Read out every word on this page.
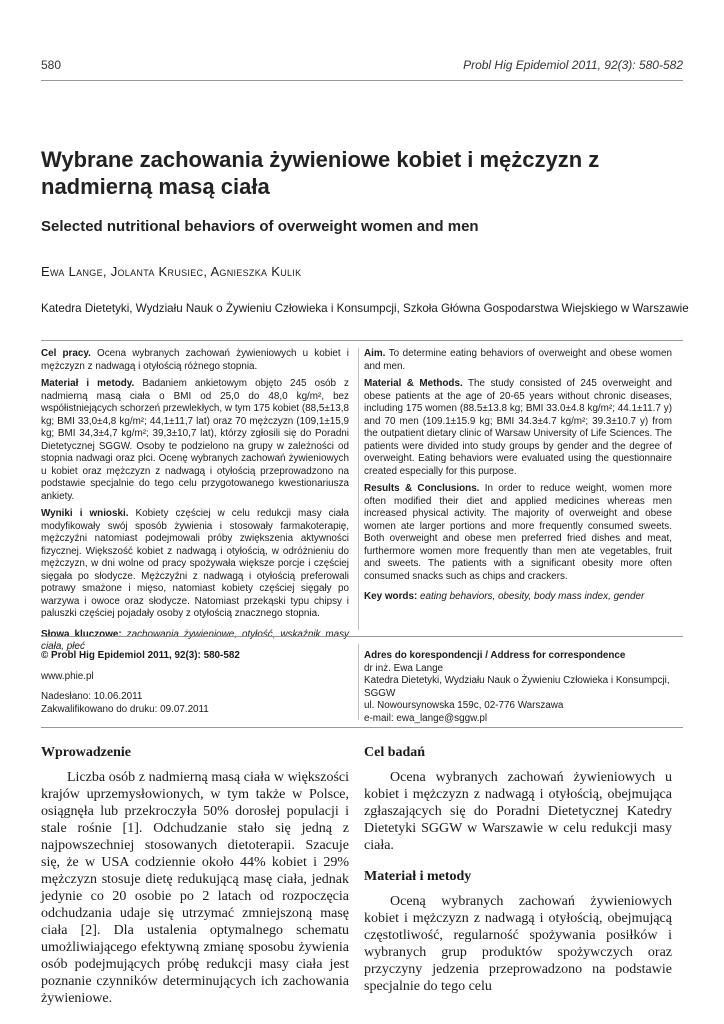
580	Probl Hig Epidemiol 2011, 92(3): 580-582
Wybrane zachowania żywieniowe kobiet i mężczyzn z nadmierną masą ciała
Selected nutritional behaviors of overweight women and men
Ewa Lange, Jolanta Krusiec, Agnieszka Kulik
Katedra Dietetyki, Wydziału Nauk o Żywieniu Człowieka i Konsumpcji, Szkoła Główna Gospodarstwa Wiejskiego w Warszawie

Cel pracy. Ocena wybranych zachowań żywieniowych u kobiet i mężczyzn z nadwagą i otyłością różnego stopnia.

Materiał i metody. Badaniem ankietowym objęto 245 osób z nadmierną masą ciała o BMI od 25,0 do 48,0 kg/m², bez współistniejących schorzeń przewlekłych, w tym 175 kobiet (88,5±13,8 kg; BMI 33,0±4,8 kg/m²; 44,1±11,7 lat) oraz 70 mężczyzn (109,1±15,9 kg; BMI 34,3±4,7 kg/m²; 39,3±10,7 lat), którzy zgłosili się do Poradni Dietetycznej SGGW. Osoby te podzielono na grupy w zależności od stopnia nadwagi oraz płci. Ocenę wybranych zachowań żywieniowych u kobiet oraz mężczyzn z nadwagą i otyłością przeprowadzono na podstawie specjalnie do tego celu przygotowanego kwestionariusza ankiety.

Wyniki i wnioski. Kobiety częściej w celu redukcji masy ciała modyfikowały swój sposób żywienia i stosowały farmakoterapię, mężczyźni natomiast podejmowali próby zwiększenia aktywności fizycznej. Większość kobiet z nadwagą i otyłością, w odróżnieniu do mężczyzn, w dni wolne od pracy spożywała większe porcje i częściej sięgała po słodycze. Mężczyźni z nadwagą i otyłością preferowali potrawy smażone i mięso, natomiast kobiety częściej sięgały po warzywa i owoce oraz słodycze. Natomiast przekąski typu chipsy i paluszki częściej pojadały osoby z otyłością znacznego stopnia.

Słowa kluczowe: zachowania żywieniowe, otyłość, wskaźnik masy ciała, płeć

Aim. To determine eating behaviors of overweight and obese women and men.

Material & Methods. The study consisted of 245 overweight and obese patients at the age of 20-65 years without chronic diseases, including 175 women (88.5±13.8 kg; BMI 33.0±4.8 kg/m²; 44.1±11.7 y) and 70 men (109.1±15.9 kg; BMI 34.3±4.7 kg/m²; 39.3±10.7 y) from the outpatient dietary clinic of Warsaw University of Life Sciences. The patients were divided into study groups by gender and the degree of overweight. Eating behaviors were evaluated using the questionnaire created especially for this purpose.

Results & Conclusions. In order to reduce weight, women more often modified their diet and applied medicines whereas men increased physical activity. The majority of overweight and obese women ate larger portions and more frequently consumed sweets. Both overweight and obese men preferred fried dishes and meat, furthermore women more frequently than men ate vegetables, fruit and sweets. The patients with a significant obesity more often consumed snacks such as chips and crackers.

Key words: eating behaviors, obesity, body mass index, gender

© Probl Hig Epidemiol 2011, 92(3): 580-582

www.phie.pl

Nadesłano: 10.06.2011

Zakwalifikowano do druku: 09.07.2011

Adres do korespondencji / Address for correspondence

dr inż. Ewa Lange

Katedra Dietetyki, Wydziału Nauk o Żywieniu Człowieka i Konsumpcji, SGGW

ul. Nowoursynowska 159c, 02-776 Warszawa

e-mail: ewa_lange@sggw.pl

Wprowadzenie

Liczba osób z nadmierną masą ciała w większości krajów uprzemysłowionych, w tym także w Polsce, osiągnęła lub przekroczyła 50% dorosłej populacji i stale rośnie [1]. Odchudzanie stało się jedną z najpowszechniej stosowanych dietoterapii. Szacuje się, że w USA codziennie około 44% kobiet i 29% mężczyzn stosuje dietę redukującą masę ciała, jednak jedynie co 20 osobie po 2 latach od rozpoczęcia odchudzania udaje się utrzymać zmniejszoną masę ciała [2]. Dla ustalenia optymalnego schematu umożliwiającego efektywną zmianę sposobu żywienia osób podejmujących próbę redukcji masy ciała jest poznanie czynników determinujących ich zachowania żywieniowe.

Cel badań

Ocena wybranych zachowań żywieniowych u kobiet i mężczyzn z nadwagą i otyłością, obejmująca zgłaszających się do Poradni Dietetycznej Katedry Dietetyki SGGW w Warszawie w celu redukcji masy ciała.

Materiał i metody

Oceną wybranych zachowań żywieniowych kobiet i mężczyzn z nadwagą i otyłością, obejmującą częstotliwość, regularność spożywania posiłków i wybranych grup produktów spożywczych oraz przyczyny jedzenia przeprowadzono na podstawie specjalnie do tego celu
